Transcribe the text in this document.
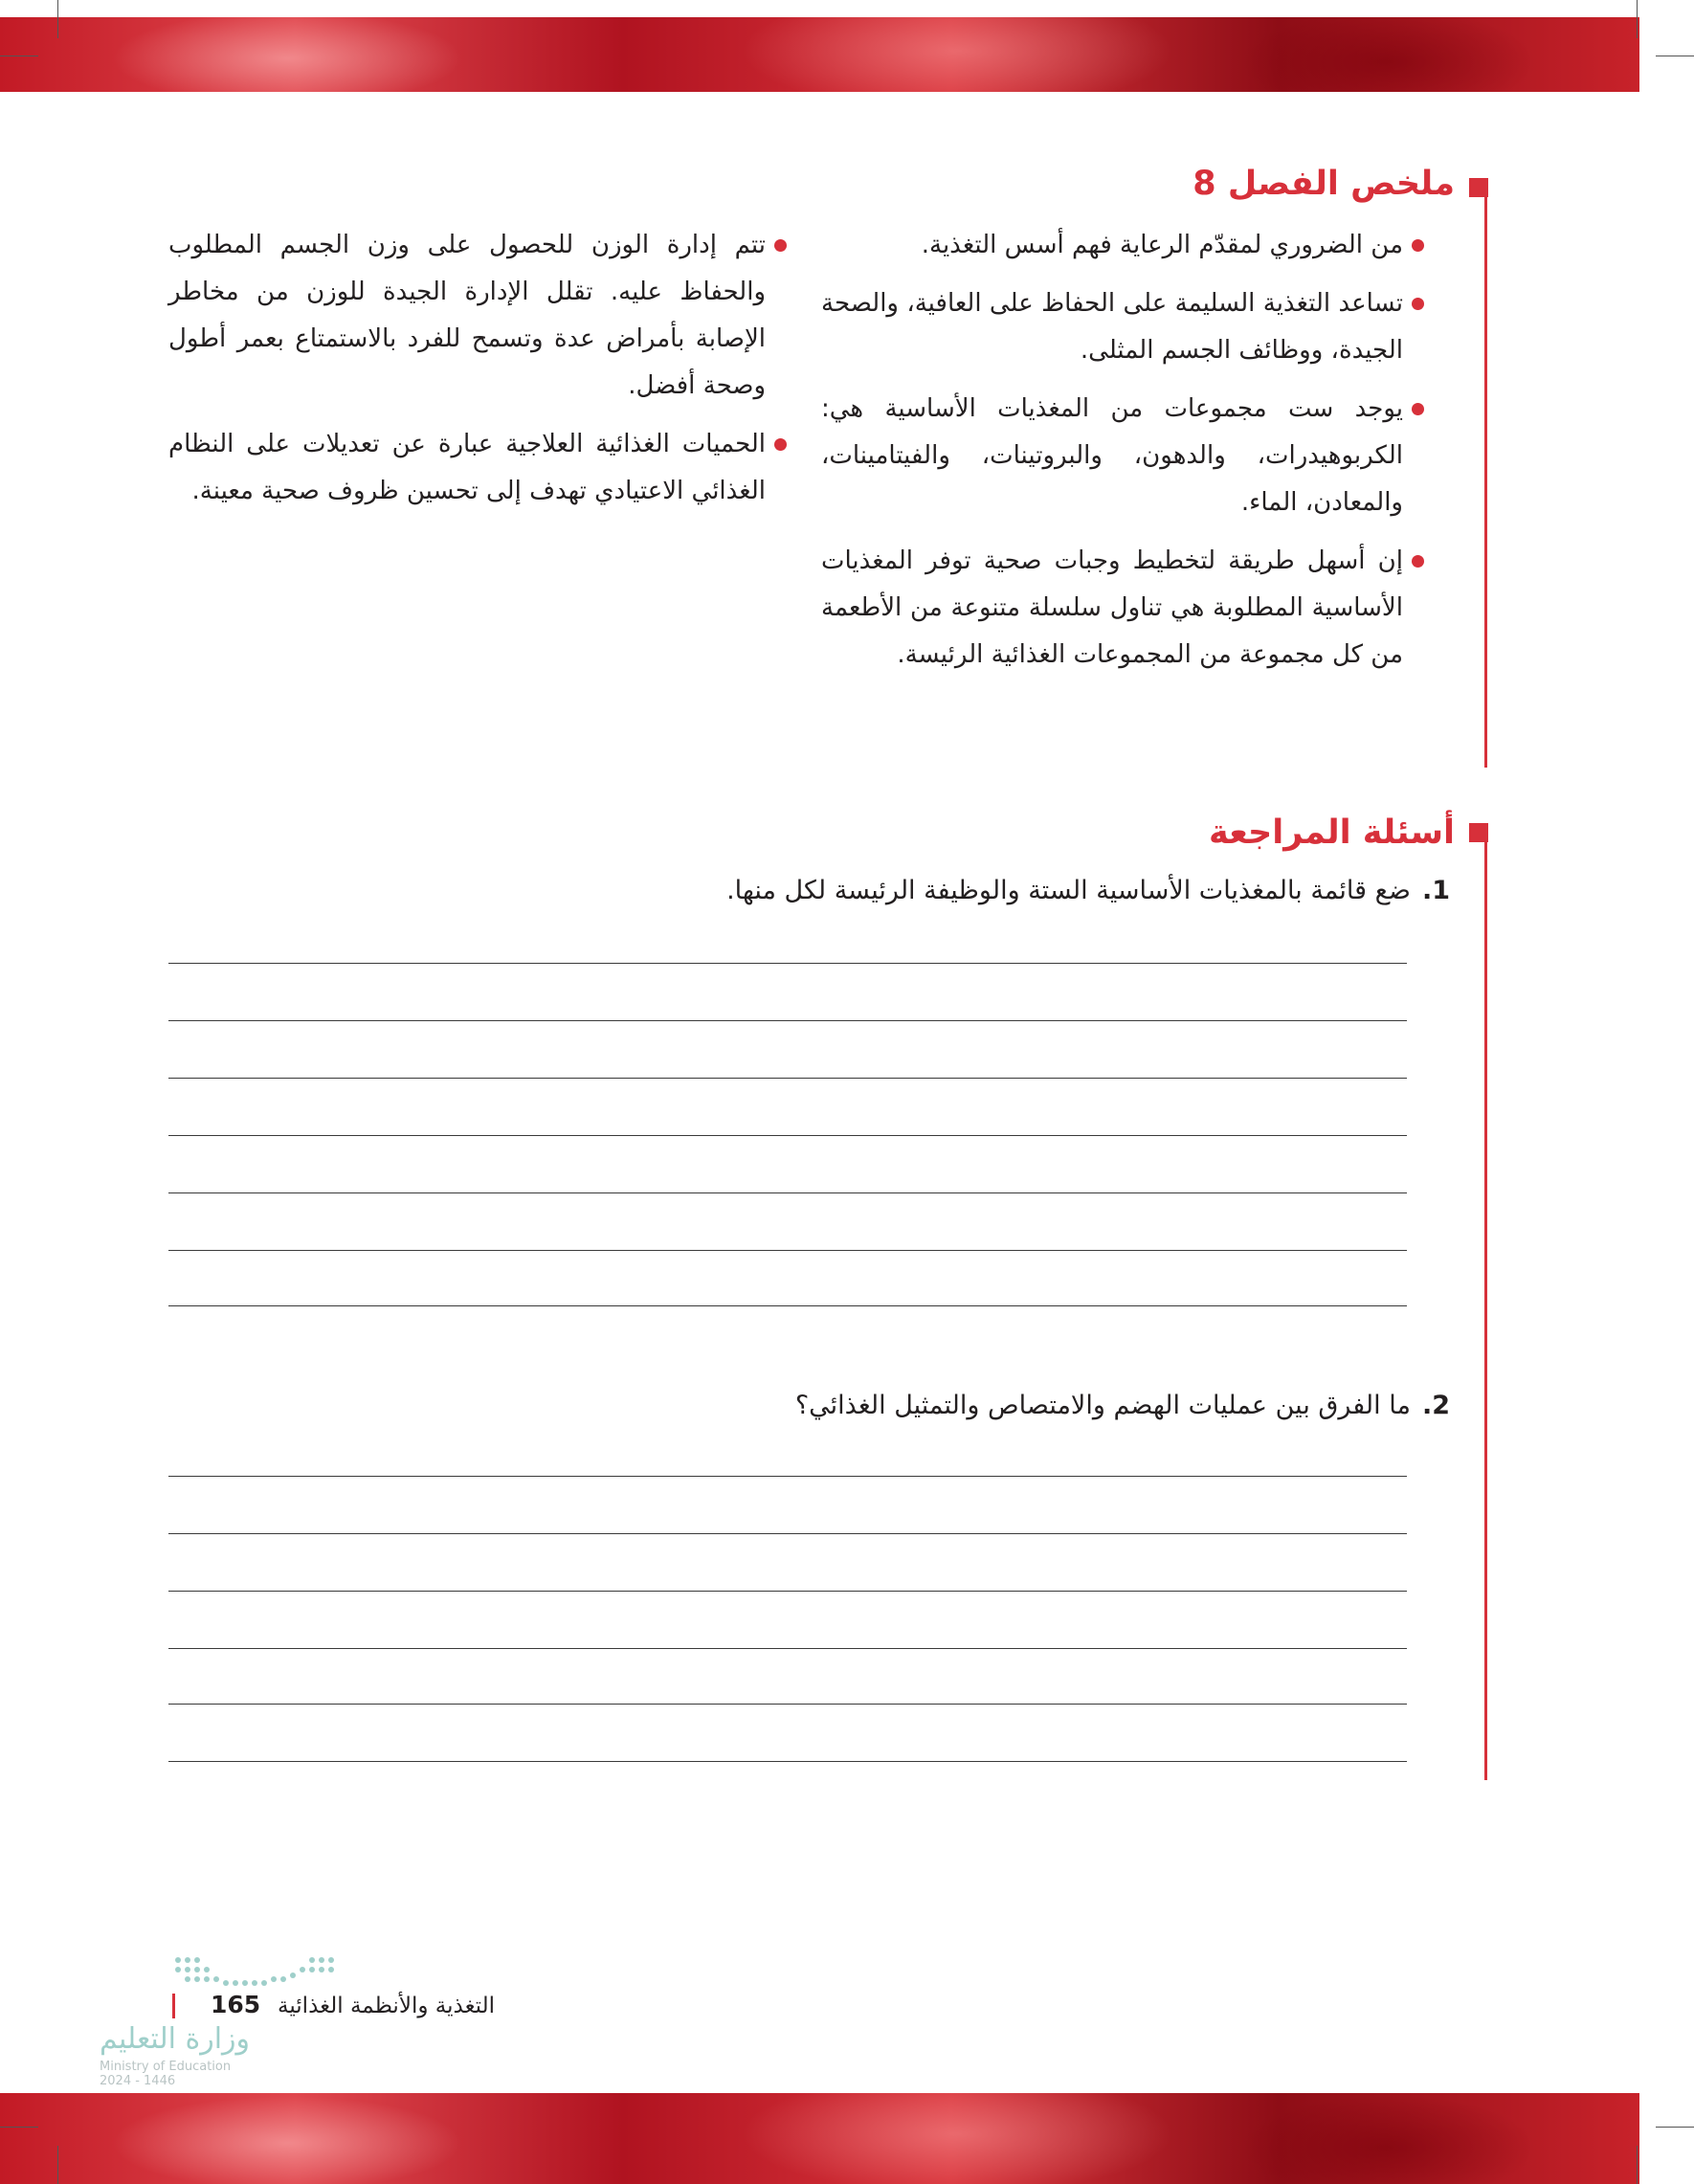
ملخص الفصل 8

من الضروري لمقدّم الرعاية فهم أسس التغذية.

تساعد التغذية السليمة على الحفاظ على العافية، والصحة الجيدة، ووظائف الجسم المثلى.

يوجد ست مجموعات من المغذيات الأساسية هي: الكربوهيدرات، والدهون، والبروتينات، والفيتامينات، والمعادن، الماء.

إن أسهل طريقة لتخطيط وجبات صحية توفر المغذيات الأساسية المطلوبة هي تناول سلسلة متنوعة من الأطعمة من كل مجموعة من المجموعات الغذائية الرئيسة.

تتم إدارة الوزن للحصول على وزن الجسم المطلوب والحفاظ عليه. تقلل الإدارة الجيدة للوزن من مخاطر الإصابة بأمراض عدة وتسمح للفرد بالاستمتاع بعمر أطول وصحة أفضل.

الحميات الغذائية العلاجية عبارة عن تعديلات على النظام الغذائي الاعتيادي تهدف إلى تحسين ظروف صحية معينة.

أسئلة المراجعة
1.ضع قائمة بالمغذيات الأساسية الستة والوظيفة الرئيسة لكل منها.
2.ما الفرق بين عمليات الهضم والامتصاص والتمثيل الغذائي؟
165 التغذية والأنظمة الغذائية
وزارة التعليم
Ministry of Education
2024 - 1446
